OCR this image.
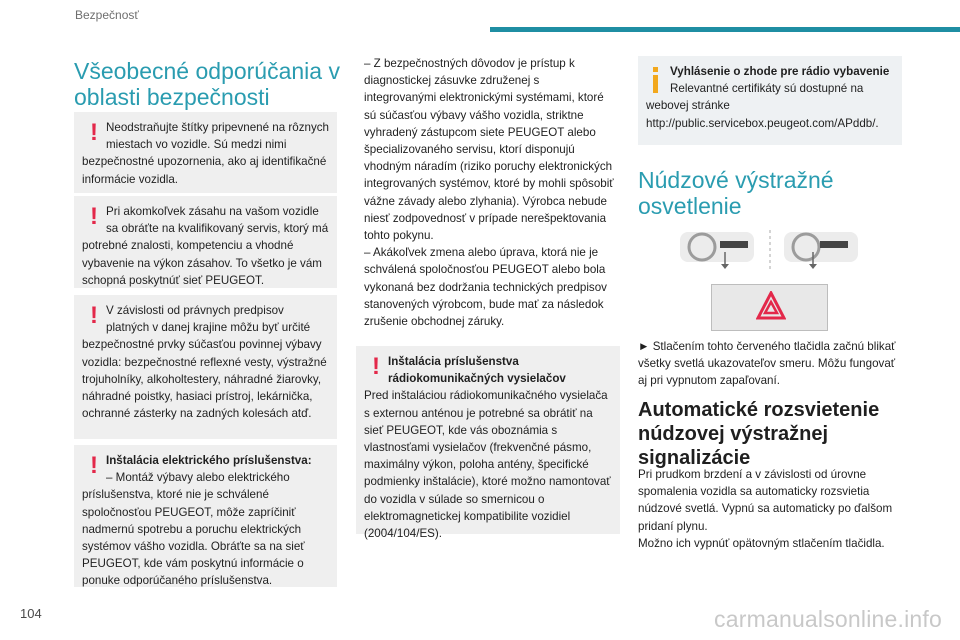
Bezpečnosť
Všeobecné odporúčania v oblasti bezpečnosti
! Neodstraňujte štítky pripevnené na rôznych miestach vo vozidle. Sú medzi nimi bezpečnostné upozornenia, ako aj identifikačné informácie vozidla.
! Pri akomkoľvek zásahu na vašom vozidle sa obráťte na kvalifikovaný servis, ktorý má potrebné znalosti, kompetenciu a vhodné vybavenie na výkon zásahov. To všetko je vám schopná poskytnúť sieť PEUGEOT.
! V závislosti od právnych predpisov platných v danej krajine môžu byť určité bezpečnostné prvky súčasťou povinnej výbavy vozidla: bezpečnostné reflexné vesty, výstražné trojuholníky, alkoholtestery, náhradné žiarovky, náhradné poistky, hasiaci prístroj, lekárnička, ochranné zásterky na zadných kolesách atď.
! Inštalácia elektrického príslušenstva:
– Montáž výbavy alebo elektrického príslušenstva, ktoré nie je schválené spoločnosťou PEUGEOT, môže zapríčiniť nadmernú spotrebu a poruchu elektrických systémov vášho vozidla. Obráťte sa na sieť PEUGEOT, kde vám poskytnú informácie o ponuke odporúčaného príslušenstva.
– Z bezpečnostných dôvodov je prístup k diagnostickej zásuvke združenej s integrovanými elektronickými systémami, ktoré sú súčasťou výbavy vášho vozidla, striktne vyhradený zástupcom siete PEUGEOT alebo špecializovaného servisu, ktorí disponujú vhodným náradím (riziko poruchy elektronických integrovaných systémov, ktoré by mohli spôsobiť vážne závady alebo zlyhania). Výrobca nebude niesť zodpovednosť v prípade nerešpektovania tohto pokynu.
– Akákoľvek zmena alebo úprava, ktorá nie je schválená spoločnosťou PEUGEOT alebo bola vykonaná bez dodržania technických predpisov stanovených výrobcom, bude mať za následok zrušenie obchodnej záruky.
! Inštalácia príslušenstva rádiokomunikačných vysielačov
Pred inštaláciou rádiokomunikačného vysielača s externou anténou je potrebné sa obrátiť na sieť PEUGEOT, kde vás oboznámia s vlastnosťami vysielačov (frekvenčné pásmo, maximálny výkon, poloha antény, špecifické podmienky inštalácie), ktoré možno namontovať do vozidla v súlade so smernicou o elektromagnetickej kompatibilite vozidiel (2004/104/ES).
Vyhlásenie o zhode pre rádio vybavenie
Relevantné certifikáty sú dostupné na webovej stránke http://public.servicebox.peugeot.com/APddb/.
Núdzové výstražné osvetlenie
► Stlačením tohto červeného tlačidla začnú blikať všetky svetlá ukazovateľov smeru. Môžu fungovať aj pri vypnutom zapaľovaní.
Automatické rozsvietenie núdzovej výstražnej signalizácie
Pri prudkom brzdení a v závislosti od úrovne spomalenia vozidla sa automaticky rozsvietia núdzové svetlá. Vypnú sa automaticky po ďalšom pridaní plynu.
Možno ich vypnúť opätovným stlačením tlačidla.
104	carmanualsonline.info
